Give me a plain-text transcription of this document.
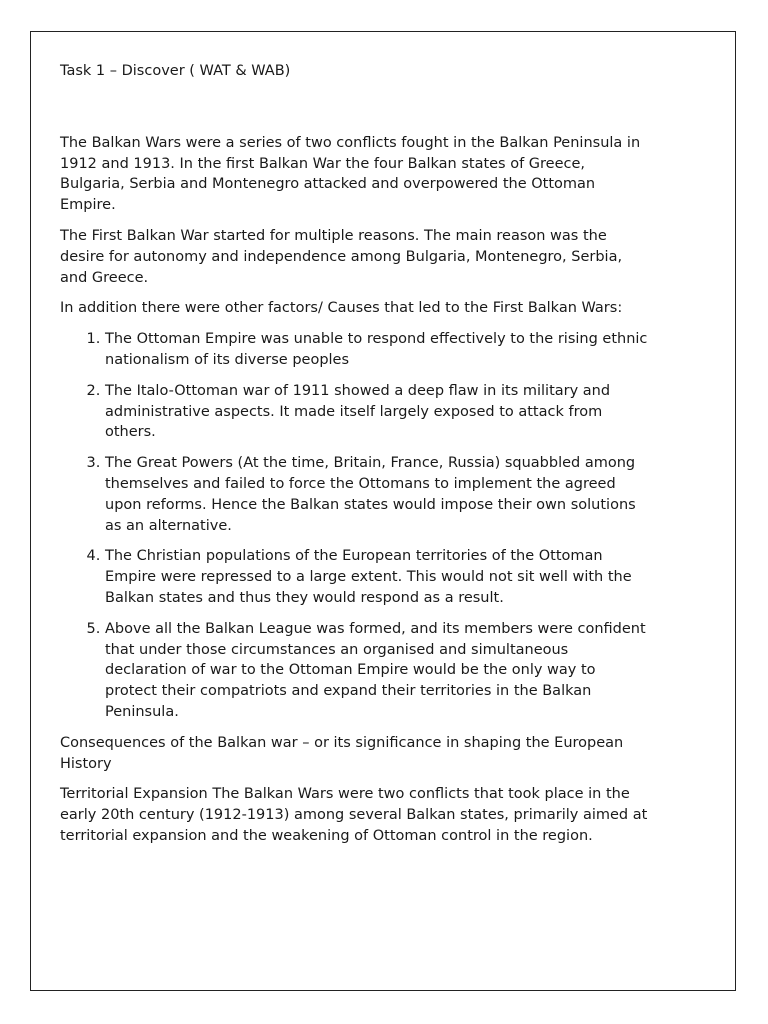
Task 1 – Discover ( WAT & WAB)

The Balkan Wars were a series of two conflicts fought in the Balkan Peninsula in 1912 and 1913. In the first Balkan War the four Balkan states of Greece, Bulgaria, Serbia and Montenegro attacked and overpowered the Ottoman Empire.

The First Balkan War started for multiple reasons. The main reason was the desire for autonomy and independence among Bulgaria, Montenegro, Serbia, and Greece.

In addition there were other factors/ Causes that led to the First Balkan Wars:

1. The Ottoman Empire was unable to respond effectively to the rising ethnic nationalism of its diverse peoples
2. The Italo-Ottoman war of 1911 showed a deep flaw in its military and administrative aspects. It made itself largely exposed to attack from others.
3. The Great Powers (At the time, Britain, France, Russia) squabbled among themselves and failed to force the Ottomans to implement the agreed upon reforms. Hence the Balkan states would impose their own solutions as an alternative.
4. The Christian populations of the European territories of the Ottoman Empire were repressed to a large extent. This would not sit well with the Balkan states and thus they would respond as a result.
5. Above all the Balkan League was formed, and its members were confident that under those circumstances an organised and simultaneous declaration of war to the Ottoman Empire would be the only way to protect their compatriots and expand their territories in the Balkan Peninsula.

Consequences of the Balkan war – or its significance in shaping the European History

Territorial Expansion The Balkan Wars were two conflicts that took place in the early 20th century (1912-1913) among several Balkan states, primarily aimed at territorial expansion and the weakening of Ottoman control in the region.
